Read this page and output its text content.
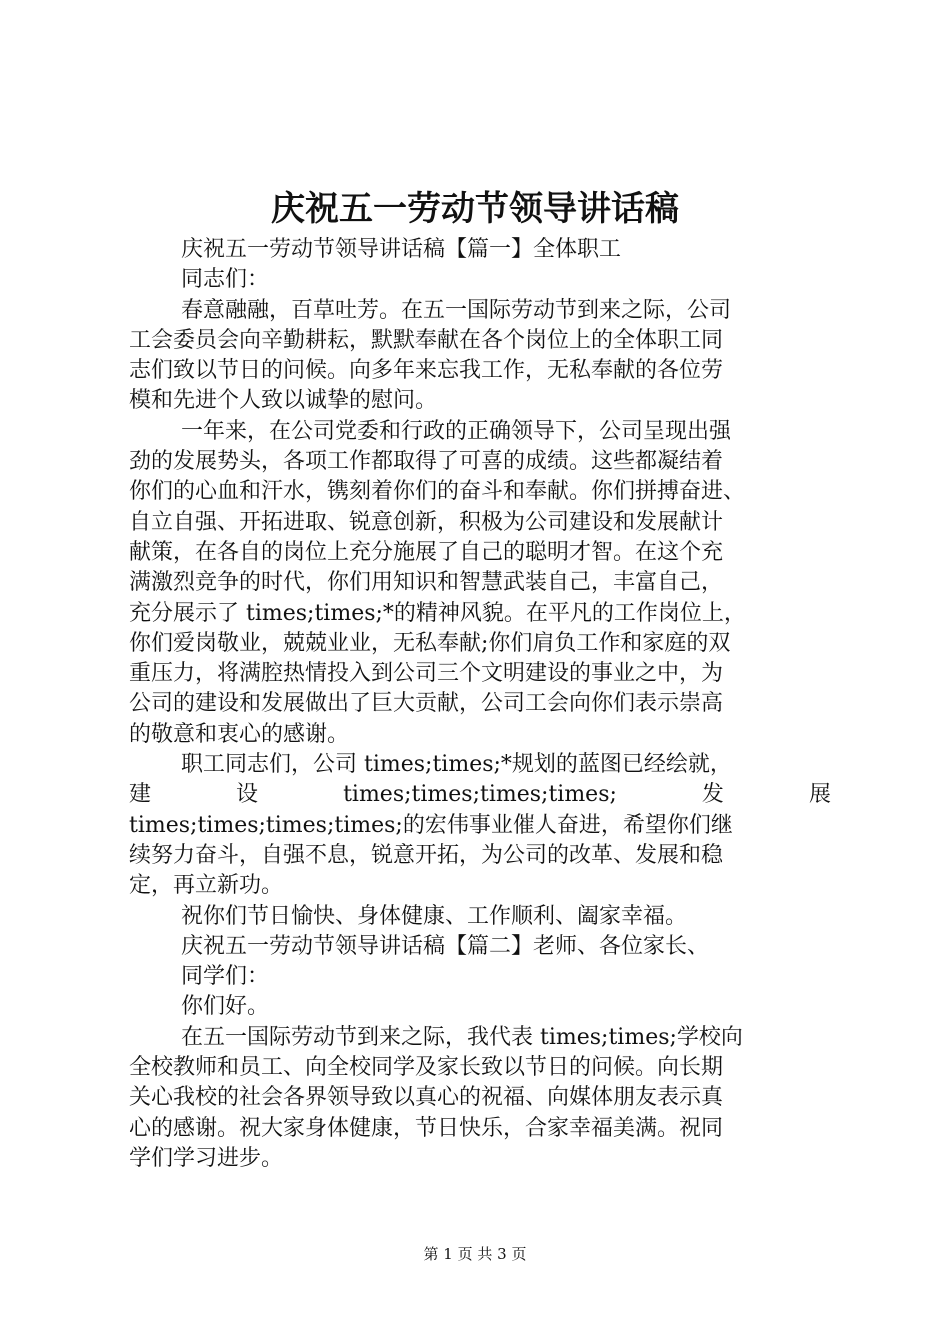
庆祝五一劳动节领导讲话稿
庆祝五一劳动节领导讲话稿【篇一】全体职工
同志们：
春意融融，百草吐芳。在五一国际劳动节到来之际，公司
工会委员会向辛勤耕耘，默默奉献在各个岗位上的全体职工同
志们致以节日的问候。向多年来忘我工作，无私奉献的各位劳
模和先进个人致以诚挚的慰问。
一年来，在公司党委和行政的正确领导下，公司呈现出强
劲的发展势头，各项工作都取得了可喜的成绩。这些都凝结着
你们的心血和汗水，镌刻着你们的奋斗和奉献。你们拼搏奋进、
自立自强、开拓进取、锐意创新，积极为公司建设和发展献计
献策，在各自的岗位上充分施展了自己的聪明才智。在这个充
满激烈竞争的时代，你们用知识和智慧武装自己，丰富自己，
充分展示了 times;times;*的精神风貌。在平凡的工作岗位上，
你们爱岗敬业，兢兢业业，无私奉献;你们肩负工作和家庭的双
重压力，将满腔热情投入到公司三个文明建设的事业之中，为
公司的建设和发展做出了巨大贡献，公司工会向你们表示崇高
的敬意和衷心的感谢。
职工同志们，公司 times;times;*规划的蓝图已经绘就，
建	设	times;times;times;times;	发	展
times;times;times;times;的宏伟事业催人奋进，希望你们继
续努力奋斗，自强不息，锐意开拓，为公司的改革、发展和稳
定，再立新功。
祝你们节日愉快、身体健康、工作顺利、阖家幸福。
庆祝五一劳动节领导讲话稿【篇二】老师、各位家长、
同学们：
你们好。
在五一国际劳动节到来之际，我代表 times;times;学校向
全校教师和员工、向全校同学及家长致以节日的问候。向长期
关心我校的社会各界领导致以真心的祝福、向媒体朋友表示真
心的感谢。祝大家身体健康，节日快乐，合家幸福美满。祝同
学们学习进步。
第 1 页 共 3 页
